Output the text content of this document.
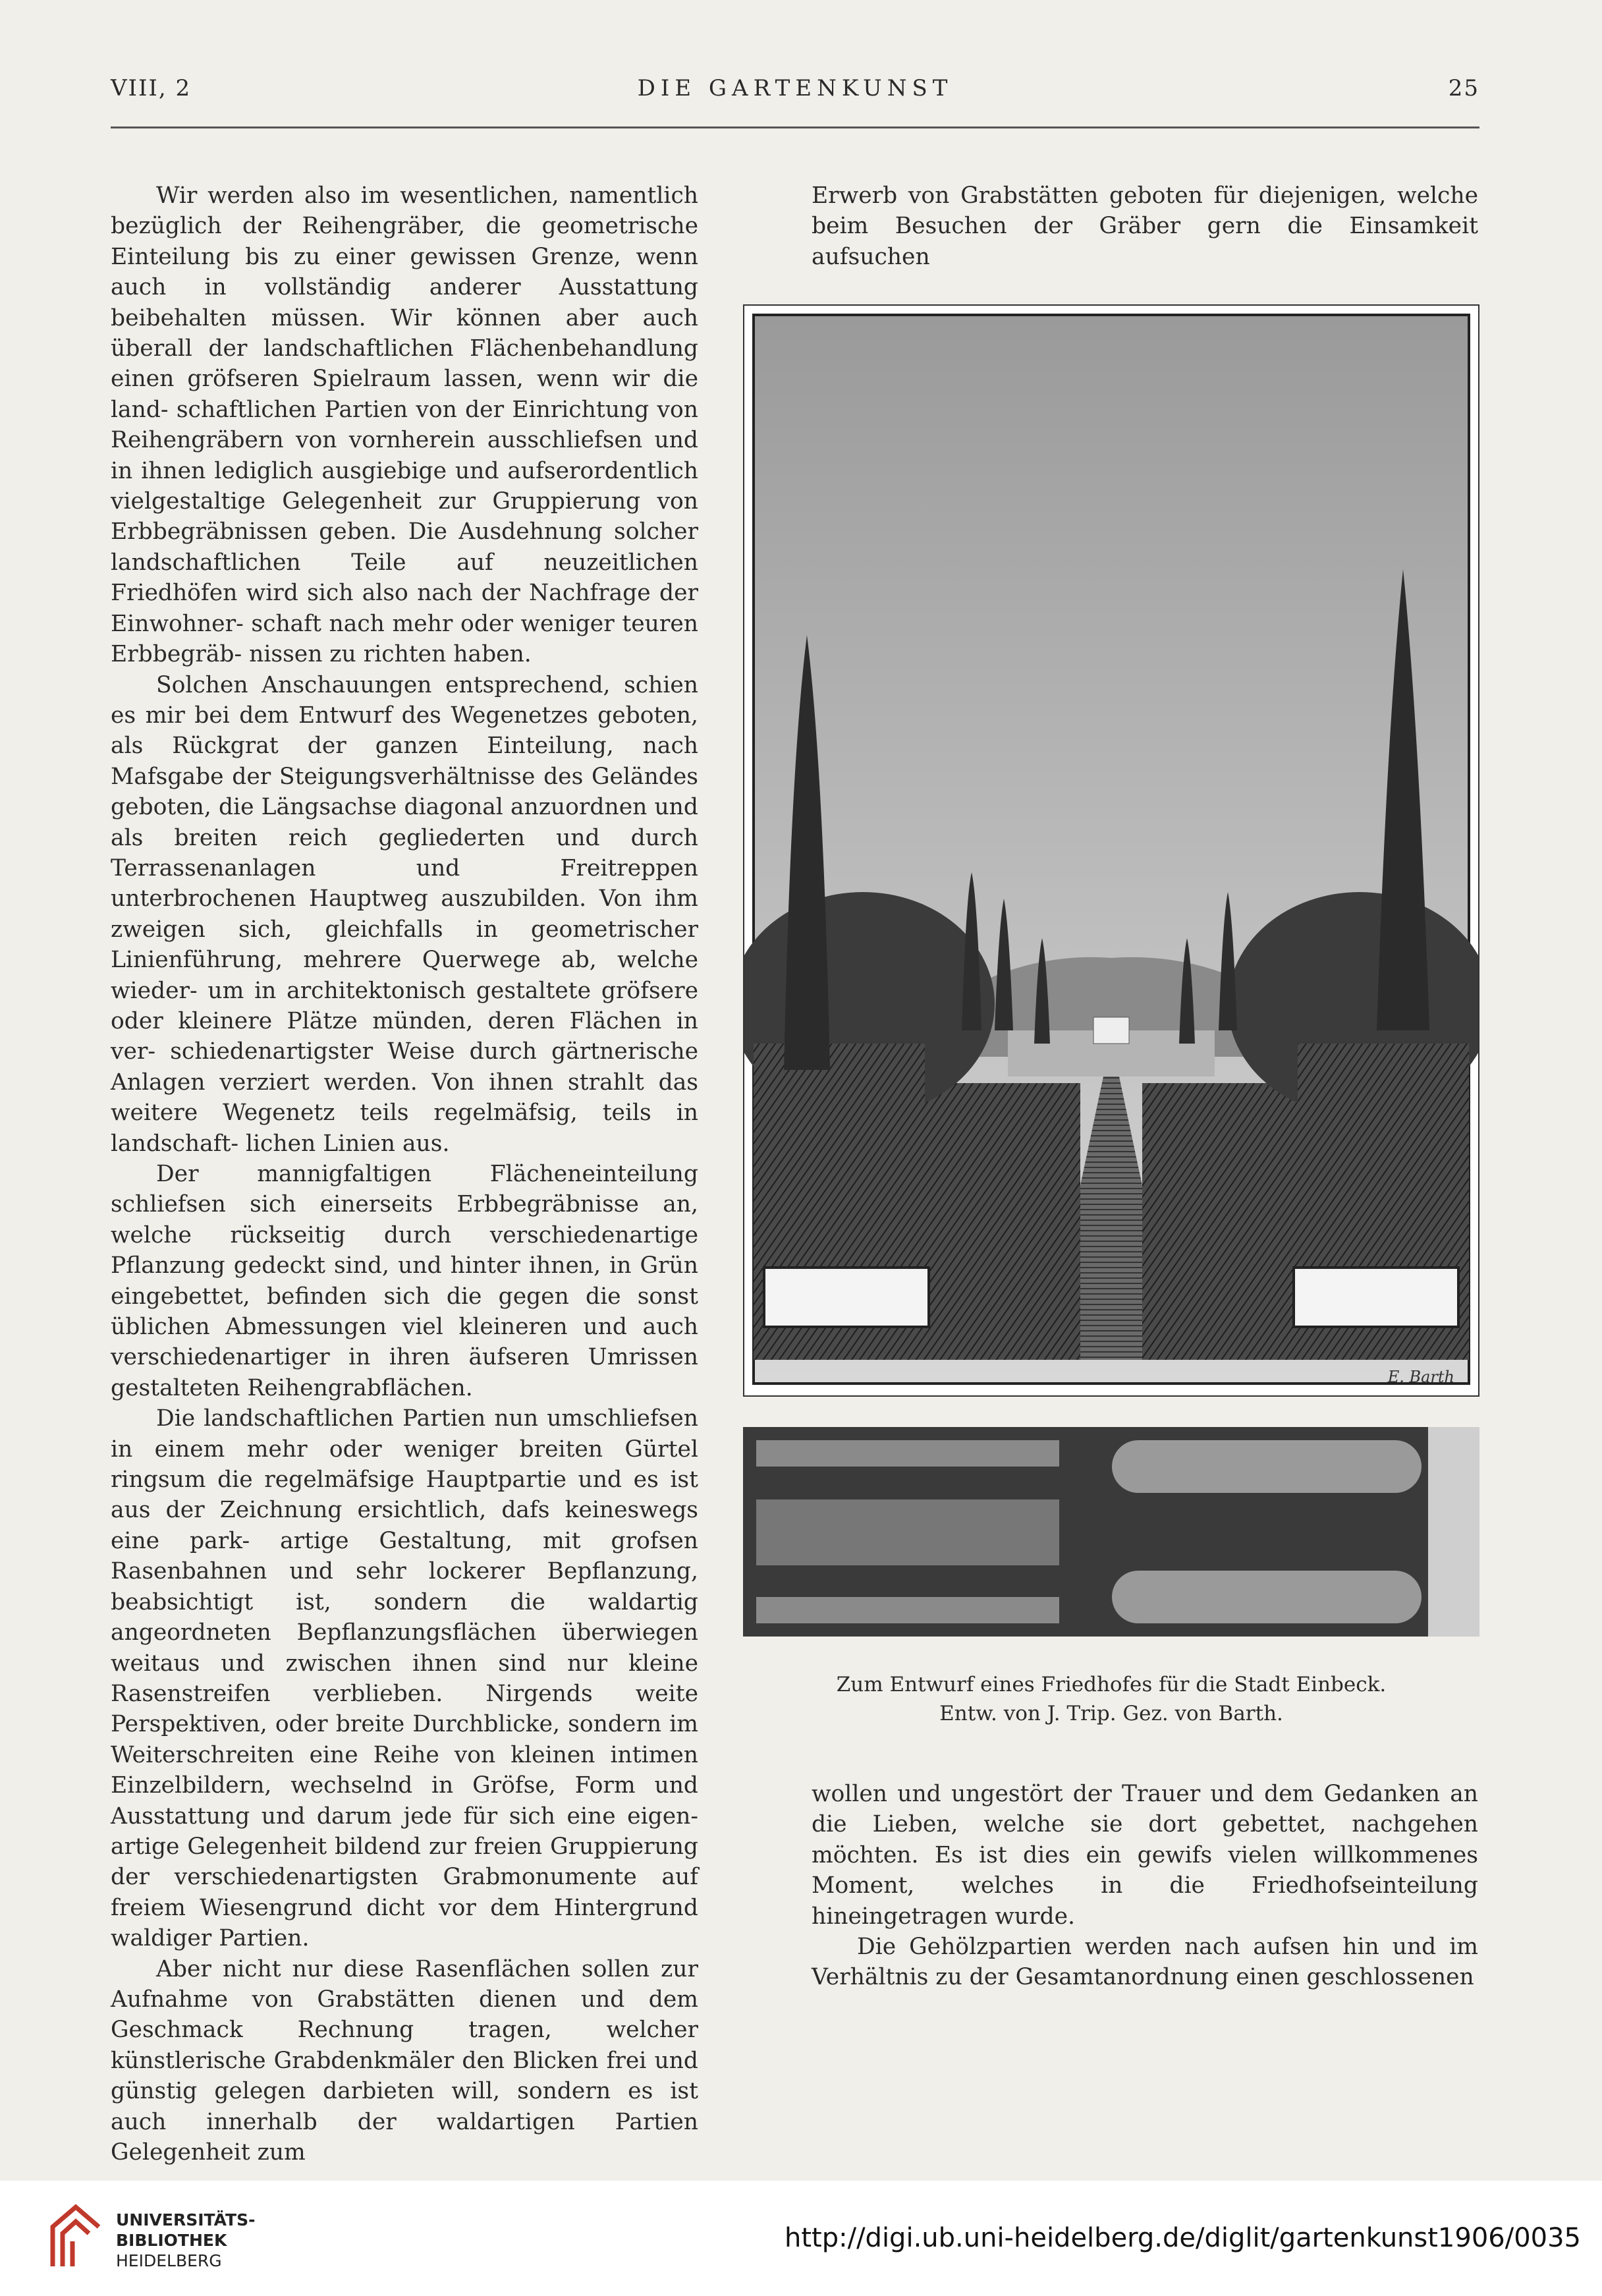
VIII, 2	DIE GARTENKUNST	25

Wir werden also im wesentlichen, namentlich bezüglich der Reihengräber, die geometrische Einteilung bis zu einer gewissen Grenze, wenn auch in vollständig anderer Ausstattung beibehalten müssen. Wir können aber auch überall der landschaftlichen Flächenbehandlung einen gröfseren Spielraum lassen, wenn wir die land- schaftlichen Partien von der Einrichtung von Reihengräbern von vornherein ausschliefsen und in ihnen lediglich ausgiebige und aufserordentlich vielgestaltige Gelegenheit zur Gruppierung von Erbbegräbnissen geben. Die Ausdehnung solcher landschaftlichen Teile auf neuzeitlichen Friedhöfen wird sich also nach der Nachfrage der Einwohner- schaft nach mehr oder weniger teuren Erbbegräb- nissen zu richten haben.

Solchen Anschauungen entsprechend, schien es mir bei dem Entwurf des Wegenetzes geboten, als Rückgrat der ganzen Einteilung, nach Mafsgabe der Steigungsverhältnisse des Geländes geboten, die Längsachse diagonal anzuordnen und als breiten reich gegliederten und durch Terrassenanlagen und Freitreppen unterbrochenen Hauptweg auszubilden. Von ihm zweigen sich, gleichfalls in geometrischer Linienführung, mehrere Querwege ab, welche wieder- um in architektonisch gestaltete gröfsere oder kleinere Plätze münden, deren Flächen in ver- schiedenartigster Weise durch gärtnerische Anlagen verziert werden. Von ihnen strahlt das weitere Wegenetz teils regelmäfsig, teils in landschaft- lichen Linien aus.

Der mannigfaltigen Flächeneinteilung schliefsen sich einerseits Erbbegräbnisse an, welche rückseitig durch verschiedenartige Pflanzung gedeckt sind, und hinter ihnen, in Grün eingebettet, befinden sich die gegen die sonst üblichen Abmessungen viel kleineren und auch verschiedenartiger in ihren äufseren Umrissen gestalteten Reihengrabflächen.

Die landschaftlichen Partien nun umschliefsen in einem mehr oder weniger breiten Gürtel ringsum die regelmäfsige Hauptpartie und es ist aus der Zeichnung ersichtlich, dafs keineswegs eine park- artige Gestaltung, mit grofsen Rasenbahnen und sehr lockerer Bepflanzung, beabsichtigt ist, sondern die waldartig angeordneten Bepflanzungsflächen überwiegen weitaus und zwischen ihnen sind nur kleine Rasenstreifen verblieben. Nirgends weite Perspektiven, oder breite Durchblicke, sondern im Weiterschreiten eine Reihe von kleinen intimen Einzelbildern, wechselnd in Gröfse, Form und Ausstattung und darum jede für sich eine eigen- artige Gelegenheit bildend zur freien Gruppierung der verschiedenartigsten Grabmonumente auf freiem Wiesengrund dicht vor dem Hintergrund waldiger Partien.

Aber nicht nur diese Rasenflächen sollen zur Aufnahme von Grabstätten dienen und dem Geschmack Rechnung tragen, welcher künstlerische Grabdenkmäler den Blicken frei und günstig gelegen darbieten will, sondern es ist auch innerhalb der waldartigen Partien Gelegenheit zum

Erwerb von Grabstätten geboten für diejenigen, welche beim Besuchen der Gräber gern die Einsamkeit aufsuchen

E. Barth
Zum Entwurf eines Friedhofes für die Stadt Einbeck.
Entw. von J. Trip. Gez. von Barth.

wollen und ungestört der Trauer und dem Gedanken an die Lieben, welche sie dort gebettet, nachgehen möchten. Es ist dies ein gewifs vielen willkommenes Moment, welches in die Friedhofseinteilung hineingetragen wurde.

Die Gehölzpartien werden nach aufsen hin und im Verhältnis zu der Gesamtanordnung einen geschlossenen

UNIVERSITÄTS-
BIBLIOTHEK
HEIDELBERG
http://digi.ub.uni-heidelberg.de/diglit/gartenkunst1906/0035
